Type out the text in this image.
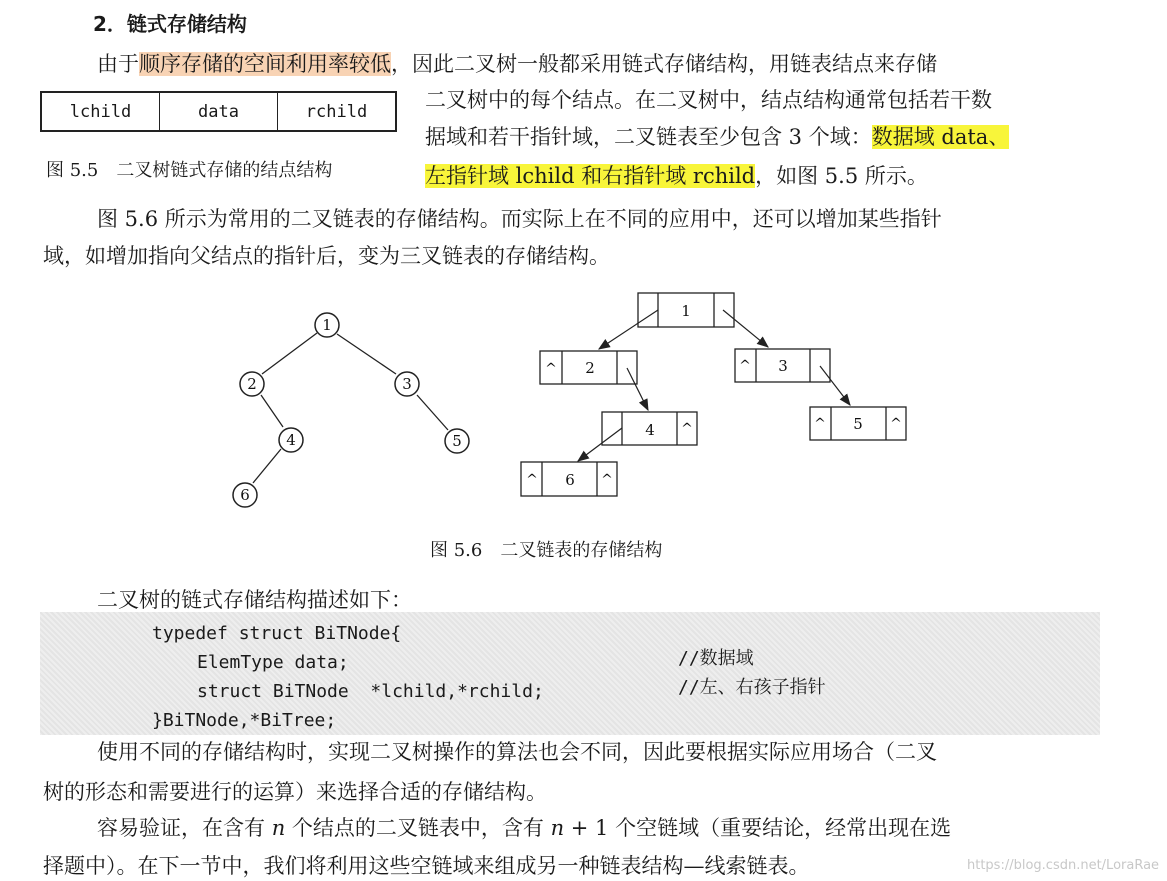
2．链式存储结构
由于顺序存储的空间利用率较低，因此二叉树一般都采用链式存储结构，用链表结点来存储
二叉树中的每个结点。在二叉树中，结点结构通常包括若干数
据域和若干指针域，二叉链表至少包含 3 个域：数据域 data、
左指针域 lchild 和右指针域 rchild，如图 5.5 所示。
lchild	data	rchild
图 5.5　二叉树链式存储的结点结构
图 5.6 所示为常用的二叉链表的存储结构。而实际上在不同的应用中，还可以增加某些指针
域，如增加指向父结点的指针后，变为三叉链表的存储结构。
1
2	3
4	5
6
1
2	3
4	5
6
^	^
^	^	^
^	^
图 5.6　二叉链表的存储结构
二叉树的链式存储结构描述如下：
typedef struct BiTNode{
ElemType data;	//数据域
struct BiTNode  *lchild,*rchild;	//左、右孩子指针
}BiTNode,*BiTree;
使用不同的存储结构时，实现二叉树操作的算法也会不同，因此要根据实际应用场合（二叉
树的形态和需要进行的运算）来选择合适的存储结构。
容易验证，在含有 n 个结点的二叉链表中，含有 n + 1 个空链域（重要结论，经常出现在选
择题中）。在下一节中，我们将利用这些空链域来组成另一种链表结构—线索链表。	https://blog.csdn.net/LoraRae
